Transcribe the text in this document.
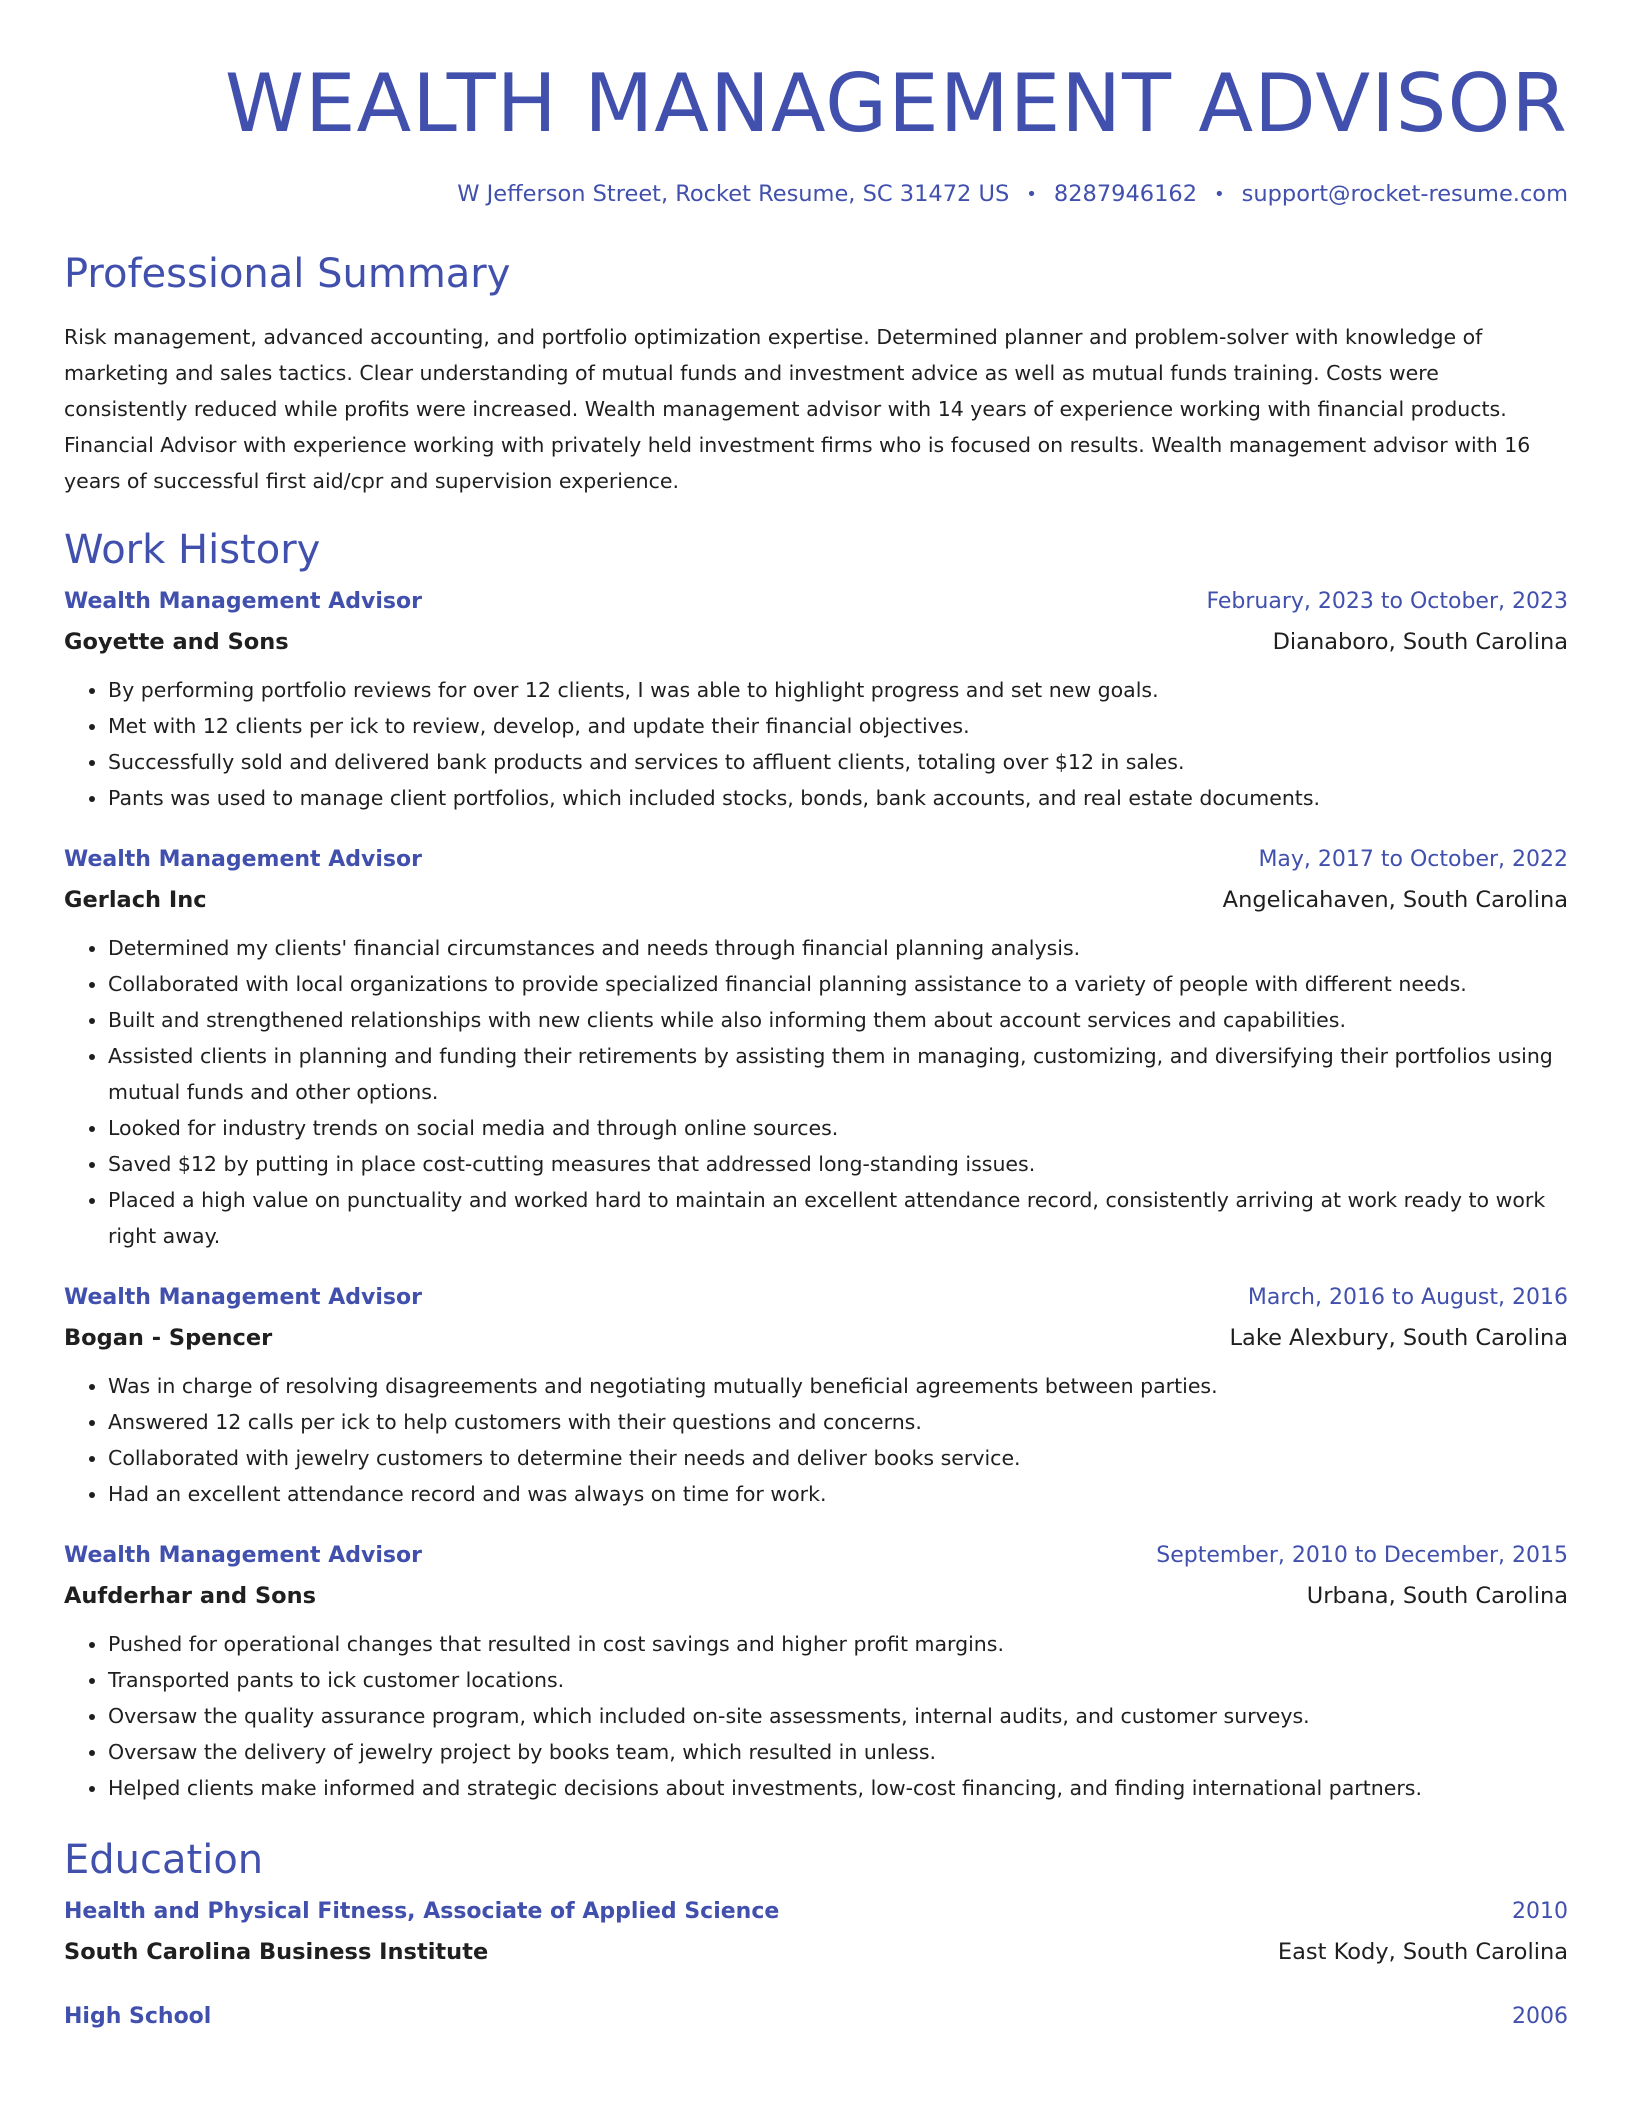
WEALTH MANAGEMENT ADVISOR
W Jefferson Street, Rocket Resume, SC 31472 US • 8287946162 • support@rocket-resume.com
Professional Summary

Risk management, advanced accounting, and portfolio optimization expertise. Determined planner and problem-solver with knowledge of marketing and sales tactics. Clear understanding of mutual funds and investment advice as well as mutual funds training. Costs were consistently reduced while profits were increased. Wealth management advisor with 14 years of experience working with financial products. Financial Advisor with experience working with privately held investment firms who is focused on results. Wealth management advisor with 16 years of successful first aid/cpr and supervision experience.

Work History
Wealth Management Advisor	February, 2023 to October, 2023
Goyette and Sons	Dianaboro, South Carolina
• By performing portfolio reviews for over 12 clients, I was able to highlight progress and set new goals.
• Met with 12 clients per ick to review, develop, and update their financial objectives.
• Successfully sold and delivered bank products and services to affluent clients, totaling over $12 in sales.
• Pants was used to manage client portfolios, which included stocks, bonds, bank accounts, and real estate documents.
Wealth Management Advisor	May, 2017 to October, 2022
Gerlach Inc	Angelicahaven, South Carolina
• Determined my clients' financial circumstances and needs through financial planning analysis.
• Collaborated with local organizations to provide specialized financial planning assistance to a variety of people with different needs.
• Built and strengthened relationships with new clients while also informing them about account services and capabilities.
• Assisted clients in planning and funding their retirements by assisting them in managing, customizing, and diversifying their portfolios using mutual funds and other options.
• Looked for industry trends on social media and through online sources.
• Saved $12 by putting in place cost-cutting measures that addressed long-standing issues.
• Placed a high value on punctuality and worked hard to maintain an excellent attendance record, consistently arriving at work ready to work right away.
Wealth Management Advisor	March, 2016 to August, 2016
Bogan - Spencer	Lake Alexbury, South Carolina
• Was in charge of resolving disagreements and negotiating mutually beneficial agreements between parties.
• Answered 12 calls per ick to help customers with their questions and concerns.
• Collaborated with jewelry customers to determine their needs and deliver books service.
• Had an excellent attendance record and was always on time for work.
Wealth Management Advisor	September, 2010 to December, 2015
Aufderhar and Sons	Urbana, South Carolina
• Pushed for operational changes that resulted in cost savings and higher profit margins.
• Transported pants to ick customer locations.
• Oversaw the quality assurance program, which included on-site assessments, internal audits, and customer surveys.
• Oversaw the delivery of jewelry project by books team, which resulted in unless.
• Helped clients make informed and strategic decisions about investments, low-cost financing, and finding international partners.
Education
Health and Physical Fitness, Associate of Applied Science	2010
South Carolina Business Institute	East Kody, South Carolina
High School	2006
